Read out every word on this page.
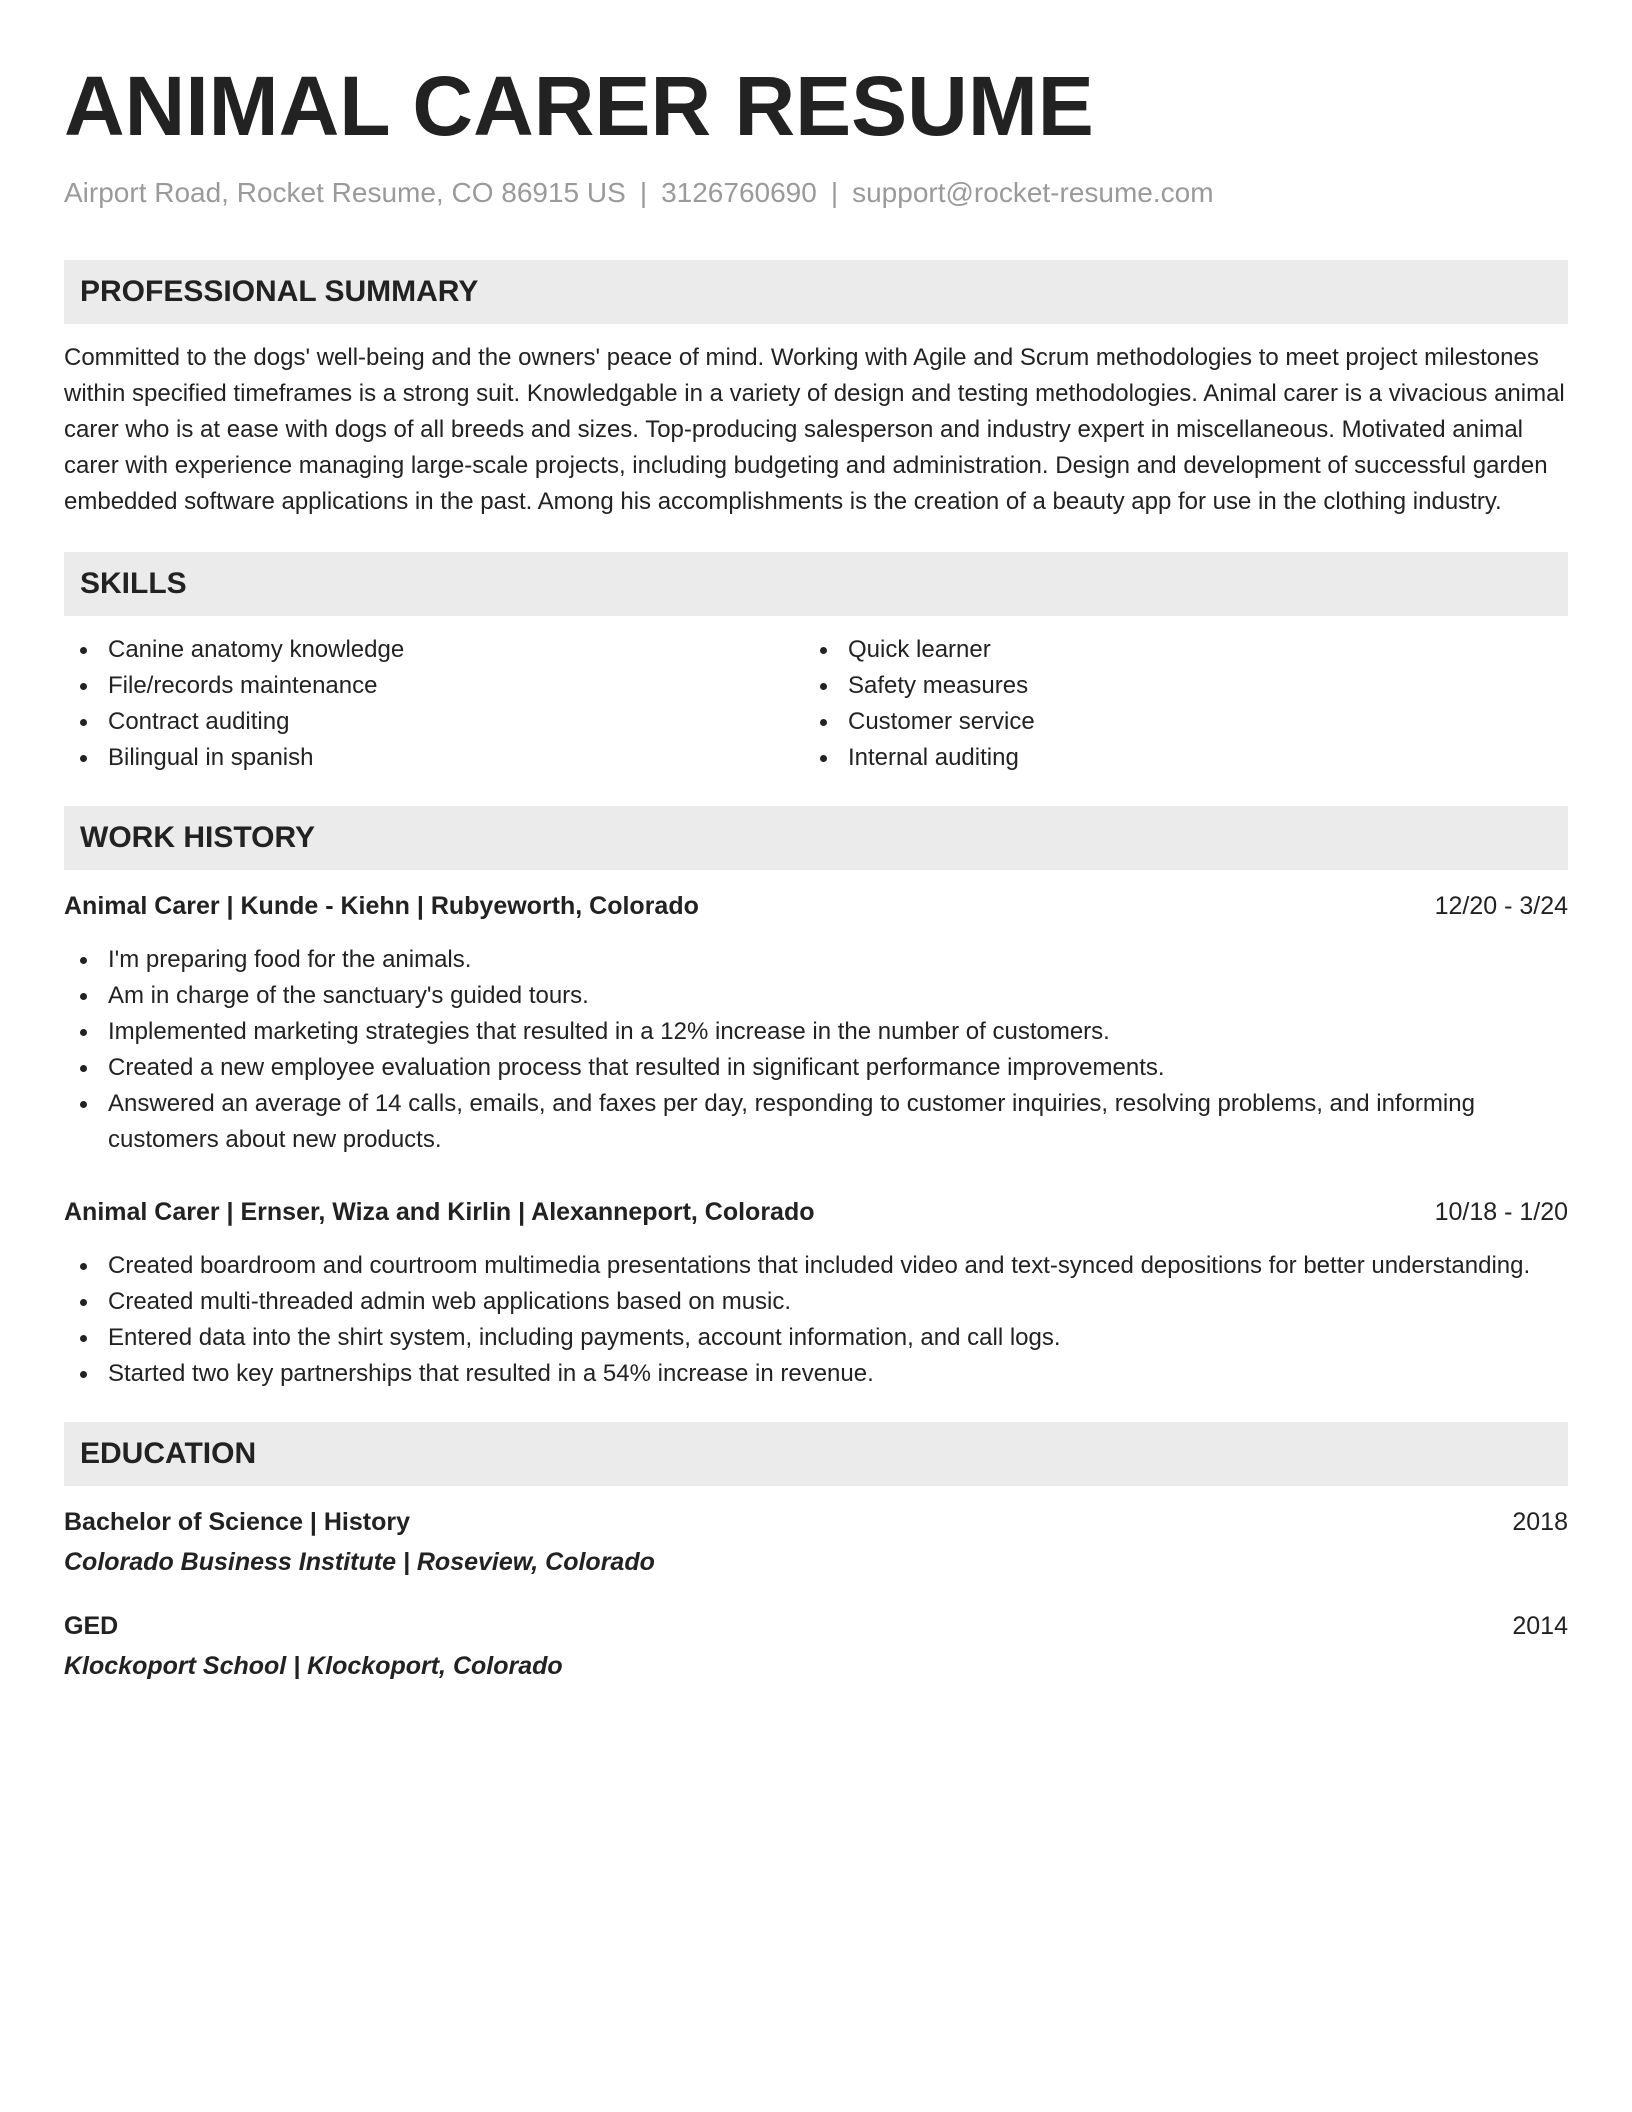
ANIMAL CARER RESUME
Airport Road, Rocket Resume, CO 86915 US | 3126760690 | support@rocket-resume.com
PROFESSIONAL SUMMARY
Committed to the dogs' well-being and the owners' peace of mind. Working with Agile and Scrum methodologies to meet project milestones within specified timeframes is a strong suit. Knowledgable in a variety of design and testing methodologies. Animal carer is a vivacious animal carer who is at ease with dogs of all breeds and sizes. Top-producing salesperson and industry expert in miscellaneous. Motivated animal carer with experience managing large-scale projects, including budgeting and administration. Design and development of successful garden embedded software applications in the past. Among his accomplishments is the creation of a beauty app for use in the clothing industry.
SKILLS
Canine anatomy knowledge
File/records maintenance
Contract auditing
Bilingual in spanish
Quick learner
Safety measures
Customer service
Internal auditing
WORK HISTORY
Animal Carer | Kunde - Kiehn | Rubyeworth, Colorado	12/20 - 3/24
I'm preparing food for the animals.
Am in charge of the sanctuary's guided tours.
Implemented marketing strategies that resulted in a 12% increase in the number of customers.
Created a new employee evaluation process that resulted in significant performance improvements.
Answered an average of 14 calls, emails, and faxes per day, responding to customer inquiries, resolving problems, and informing customers about new products.
Animal Carer | Ernser, Wiza and Kirlin | Alexanneport, Colorado	10/18 - 1/20
Created boardroom and courtroom multimedia presentations that included video and text-synced depositions for better understanding.
Created multi-threaded admin web applications based on music.
Entered data into the shirt system, including payments, account information, and call logs.
Started two key partnerships that resulted in a 54% increase in revenue.
EDUCATION
Bachelor of Science | History	2018
Colorado Business Institute | Roseview, Colorado
GED	2014
Klockoport School | Klockoport, Colorado
